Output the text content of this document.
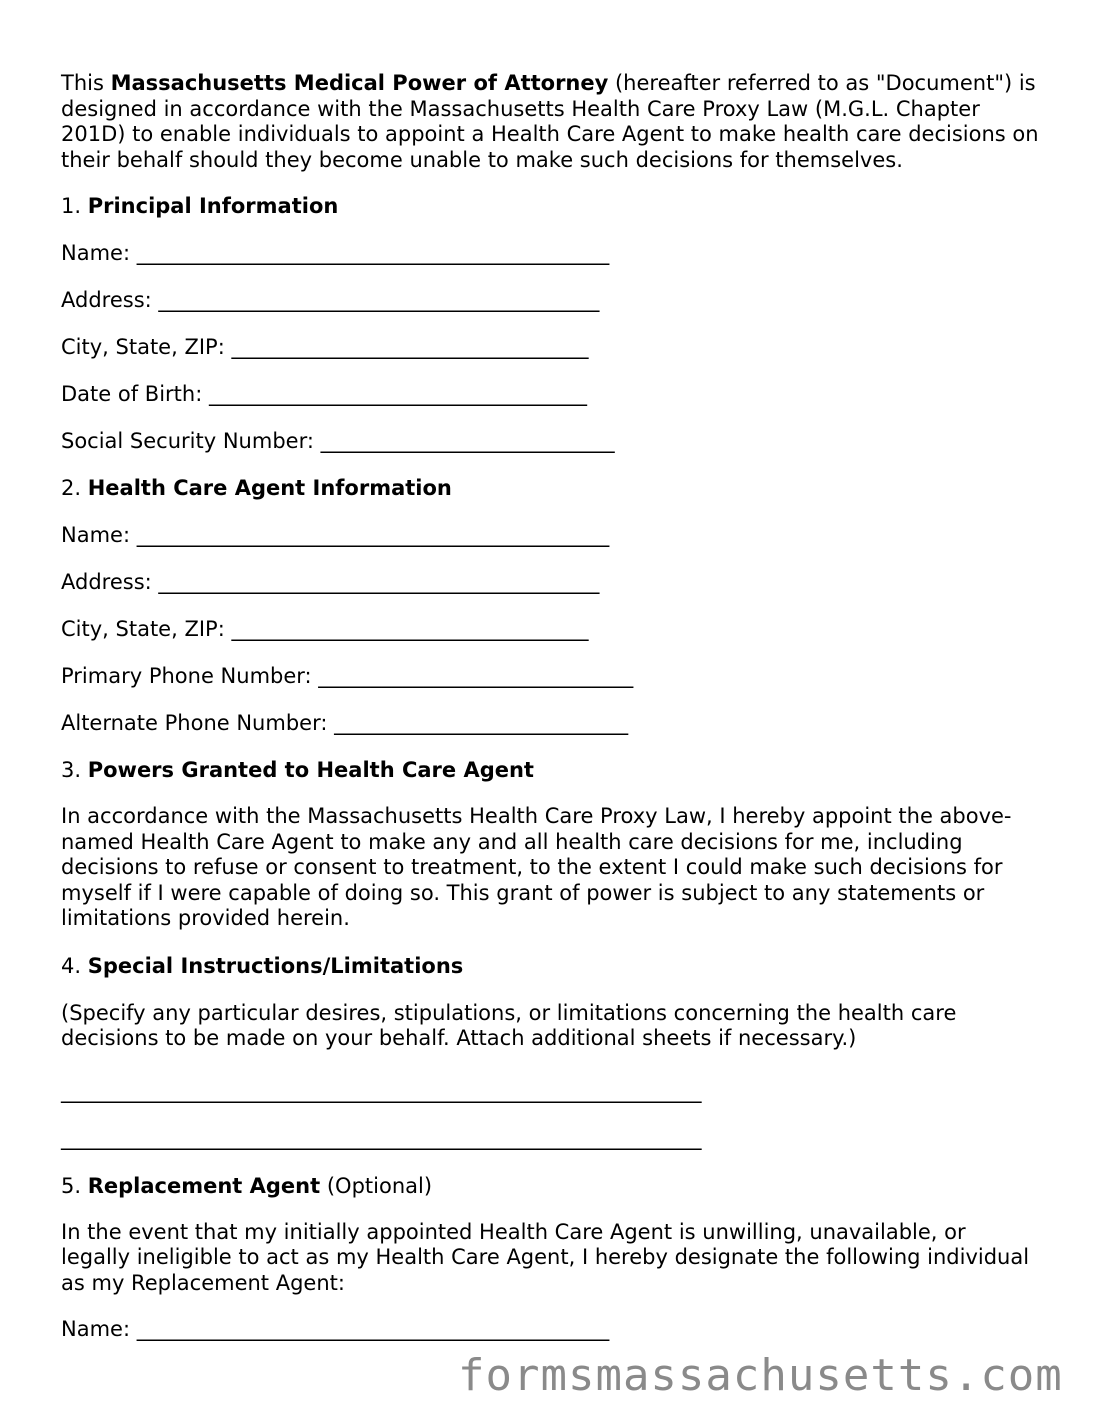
This Massachusetts Medical Power of Attorney (hereafter referred to as "Document") is designed in accordance with the Massachusetts Health Care Proxy Law (M.G.L. Chapter 201D) to enable individuals to appoint a Health Care Agent to make health care decisions on their behalf should they become unable to make such decisions for themselves.

1. Principal Information

Name: _____________________________________________

Address: __________________________________________

City, State, ZIP: __________________________________

Date of Birth: ____________________________________

Social Security Number: ____________________________

2. Health Care Agent Information

Name: _____________________________________________

Address: __________________________________________

City, State, ZIP: __________________________________

Primary Phone Number: ______________________________

Alternate Phone Number: ____________________________

3. Powers Granted to Health Care Agent

In accordance with the Massachusetts Health Care Proxy Law, I hereby appoint the above-named Health Care Agent to make any and all health care decisions for me, including decisions to refuse or consent to treatment, to the extent I could make such decisions for myself if I were capable of doing so. This grant of power is subject to any statements or limitations provided herein.

4. Special Instructions/Limitations

(Specify any particular desires, stipulations, or limitations concerning the health care decisions to be made on your behalf. Attach additional sheets if necessary.)

_____________________________________________________________

_____________________________________________________________

5. Replacement Agent (Optional)

In the event that my initially appointed Health Care Agent is unwilling, unavailable, or legally ineligible to act as my Health Care Agent, I hereby designate the following individual as my Replacement Agent:

Name: _____________________________________________

formsmassachusetts.com
